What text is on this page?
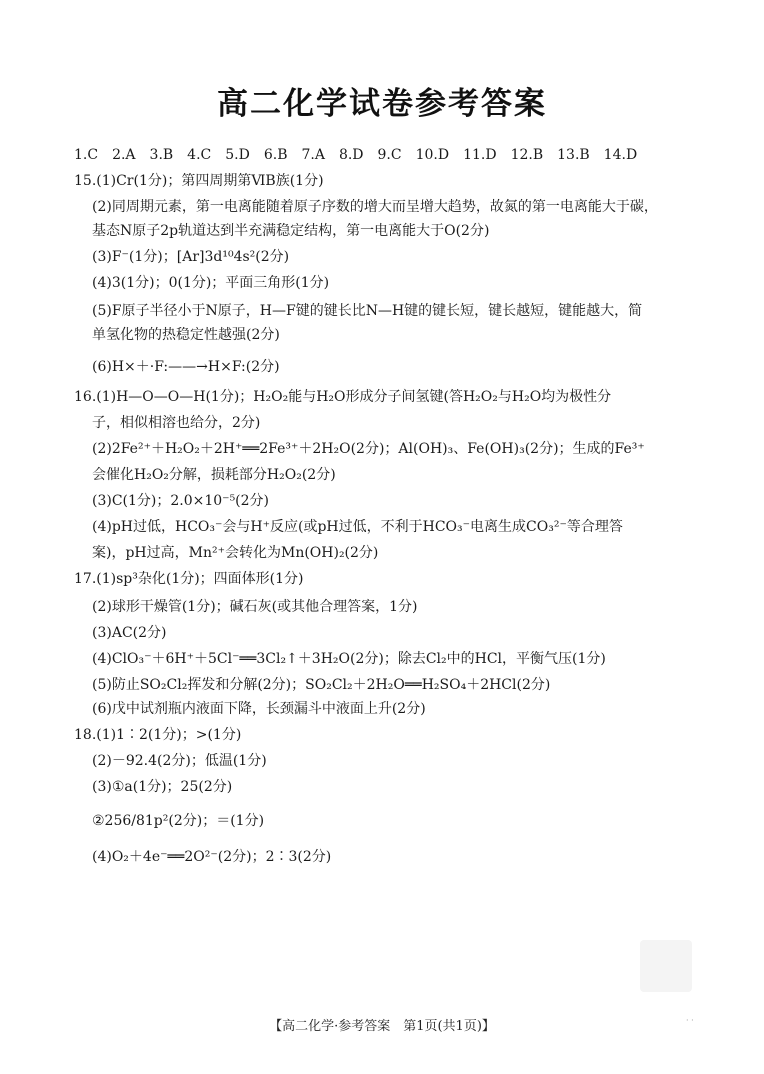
高二化学试卷参考答案
1.C　2.A　3.B　4.C　5.D　6.B　7.A　8.D　9.C　10.D　11.D　12.B　13.B　14.D
15.(1)Cr(1分)；第四周期第ⅥB族(1分)
(2)同周期元素，第一电离能随着原子序数的增大而呈增大趋势，故氮的第一电离能大于碳，
基态N原子2p轨道达到半充满稳定结构，第一电离能大于O(2分)
(3)F⁻(1分)；[Ar]3d¹⁰4s²(2分)
(4)3(1分)；0(1分)；平面三角形(1分)
(5)F原子半径小于N原子，H—F键的键长比N—H键的键长短，键长越短，键能越大，简
单氢化物的热稳定性越强(2分)
(6)H×＋·F:——→H×F:(2分)
16.(1)H—O—O—H(1分)；H₂O₂能与H₂O形成分子间氢键(答H₂O₂与H₂O均为极性分
子，相似相溶也给分，2分)
(2)2Fe²⁺＋H₂O₂＋2H⁺══2Fe³⁺＋2H₂O(2分)；Al(OH)₃、Fe(OH)₃(2分)；生成的Fe³⁺
会催化H₂O₂分解，损耗部分H₂O₂(2分)
(3)C(1分)；2.0×10⁻⁵(2分)
(4)pH过低，HCO₃⁻会与H⁺反应(或pH过低，不利于HCO₃⁻电离生成CO₃²⁻等合理答
案)，pH过高，Mn²⁺会转化为Mn(OH)₂(2分)
17.(1)sp³杂化(1分)；四面体形(1分)
(2)球形干燥管(1分)；碱石灰(或其他合理答案，1分)
(3)AC(2分)
(4)ClO₃⁻＋6H⁺＋5Cl⁻══3Cl₂↑＋3H₂O(2分)；除去Cl₂中的HCl，平衡气压(1分)
(5)防止SO₂Cl₂挥发和分解(2分)；SO₂Cl₂＋2H₂O══H₂SO₄＋2HCl(2分)
(6)戊中试剂瓶内液面下降，长颈漏斗中液面上升(2分)
18.(1)1∶2(1分)；>(1分)
(2)－92.4(2分)；低温(1分)
(3)①a(1分)；25(2分)
②256/81p²(2分)；＝(1分)
(4)O₂＋4e⁻══2O²⁻(2分)；2∶3(2分)
· ·
【高二化学·参考答案　第1页(共1页)】
